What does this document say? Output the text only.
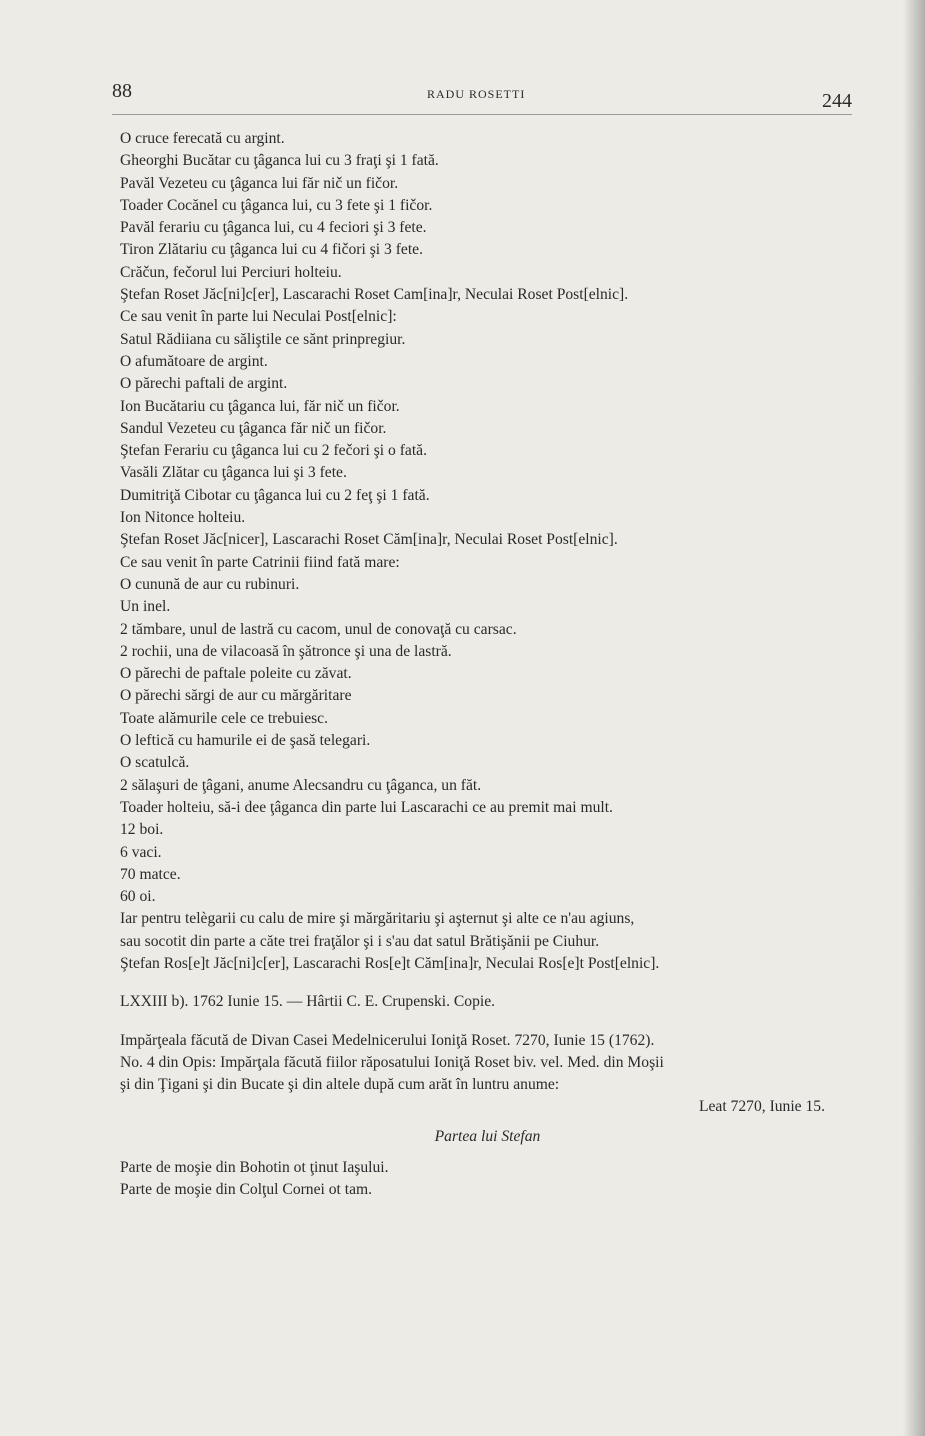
88	RADU ROSETTI	244

O cruce ferecată cu argint.

Gheorghi Bucătar cu ţâganca lui cu 3 fraţi şi 1 fată.

Pavăl Vezeteu cu ţâganca lui făr nič un fičor.

Toader Cocănel cu ţâganca lui, cu 3 fete şi 1 fičor.

Pavăl ferariu cu ţâganca lui, cu 4 feciori şi 3 fete.

Tiron Zlătariu cu ţâganca lui cu 4 fičori şi 3 fete.

Crăčun, fečorul lui Perciuri holteiu.

Ştefan Roset Jăc[ni]c[er], Lascarachi Roset Cam[ina]r, Neculai Roset Post[elnic].

Ce sau venit în parte lui Neculai Post[elnic]:

Satul Rădiiana cu săliştile ce sănt prinpregiur.

O afumătoare de argint.

O părechi paftali de argint.

Ion Bucătariu cu ţâganca lui, făr nič un fičor.

Sandul Vezeteu cu ţâganca făr nič un fičor.

Ştefan Ferariu cu ţâganca lui cu 2 fečori şi o fată.

Vasăli Zlătar cu ţâganca lui şi 3 fete.

Dumitriţă Cibotar cu ţâganca lui cu 2 feţ şi 1 fată.

Ion Nitonce holteiu.

Ştefan Roset Jăc[nicer], Lascarachi Roset Căm[ina]r, Neculai Roset Post[elnic].

Ce sau venit în parte Catrinii fiind fată mare:

O cunună de aur cu rubinuri.

Un inel.

2 tămbare, unul de lastră cu cacom, unul de conovaţă cu carsac.

2 rochii, una de vilacoasă în şătronce şi una de lastră.

O părechi de paftale poleite cu zăvat.

O părechi sărgi de aur cu mărgăritare

Toate alămurile cele ce trebuiesc.

O leftică cu hamurile ei de şasă telegari.

O scatulcă.

2 sălaşuri de ţâgani, anume Alecsandru cu ţâganca, un făt.

Toader holteiu, să-i dee ţâganca din parte lui Lascarachi ce au premit mai mult.

12 boi.

6 vaci.

70 matce.

60 oi.

Iar pentru telègarii cu calu de mire şi mărgăritariu şi aşternut şi alte ce n'au agiuns,

sau socotit din parte a căte trei fraţălor şi i s'au dat satul Brătişănii pe Ciuhur.

Ştefan Ros[e]t Jăc[ni]c[er], Lascarachi Ros[e]t Căm[ina]r, Neculai Ros[e]t Post[elnic].

LXXIII b). 1762 Iunie 15. — Hârtii C. E. Crupenski. Copie.

Impărţeala făcută de Divan Casei Medelnicerului Ioniţă Roset. 7270, Iunie 15 (1762).

No. 4 din Opis: Impărţala făcută fiilor răposatului Ioniţă Roset biv. vel. Med. din Moşii

şi din Ţigani şi din Bucate şi din altele după cum arăt în luntru anume:

Leat 7270, Iunie 15.

Partea lui Stefan

Parte de moşie din Bohotin ot ţinut Iaşului.

Parte de moşie din Colţul Cornei ot tam.
